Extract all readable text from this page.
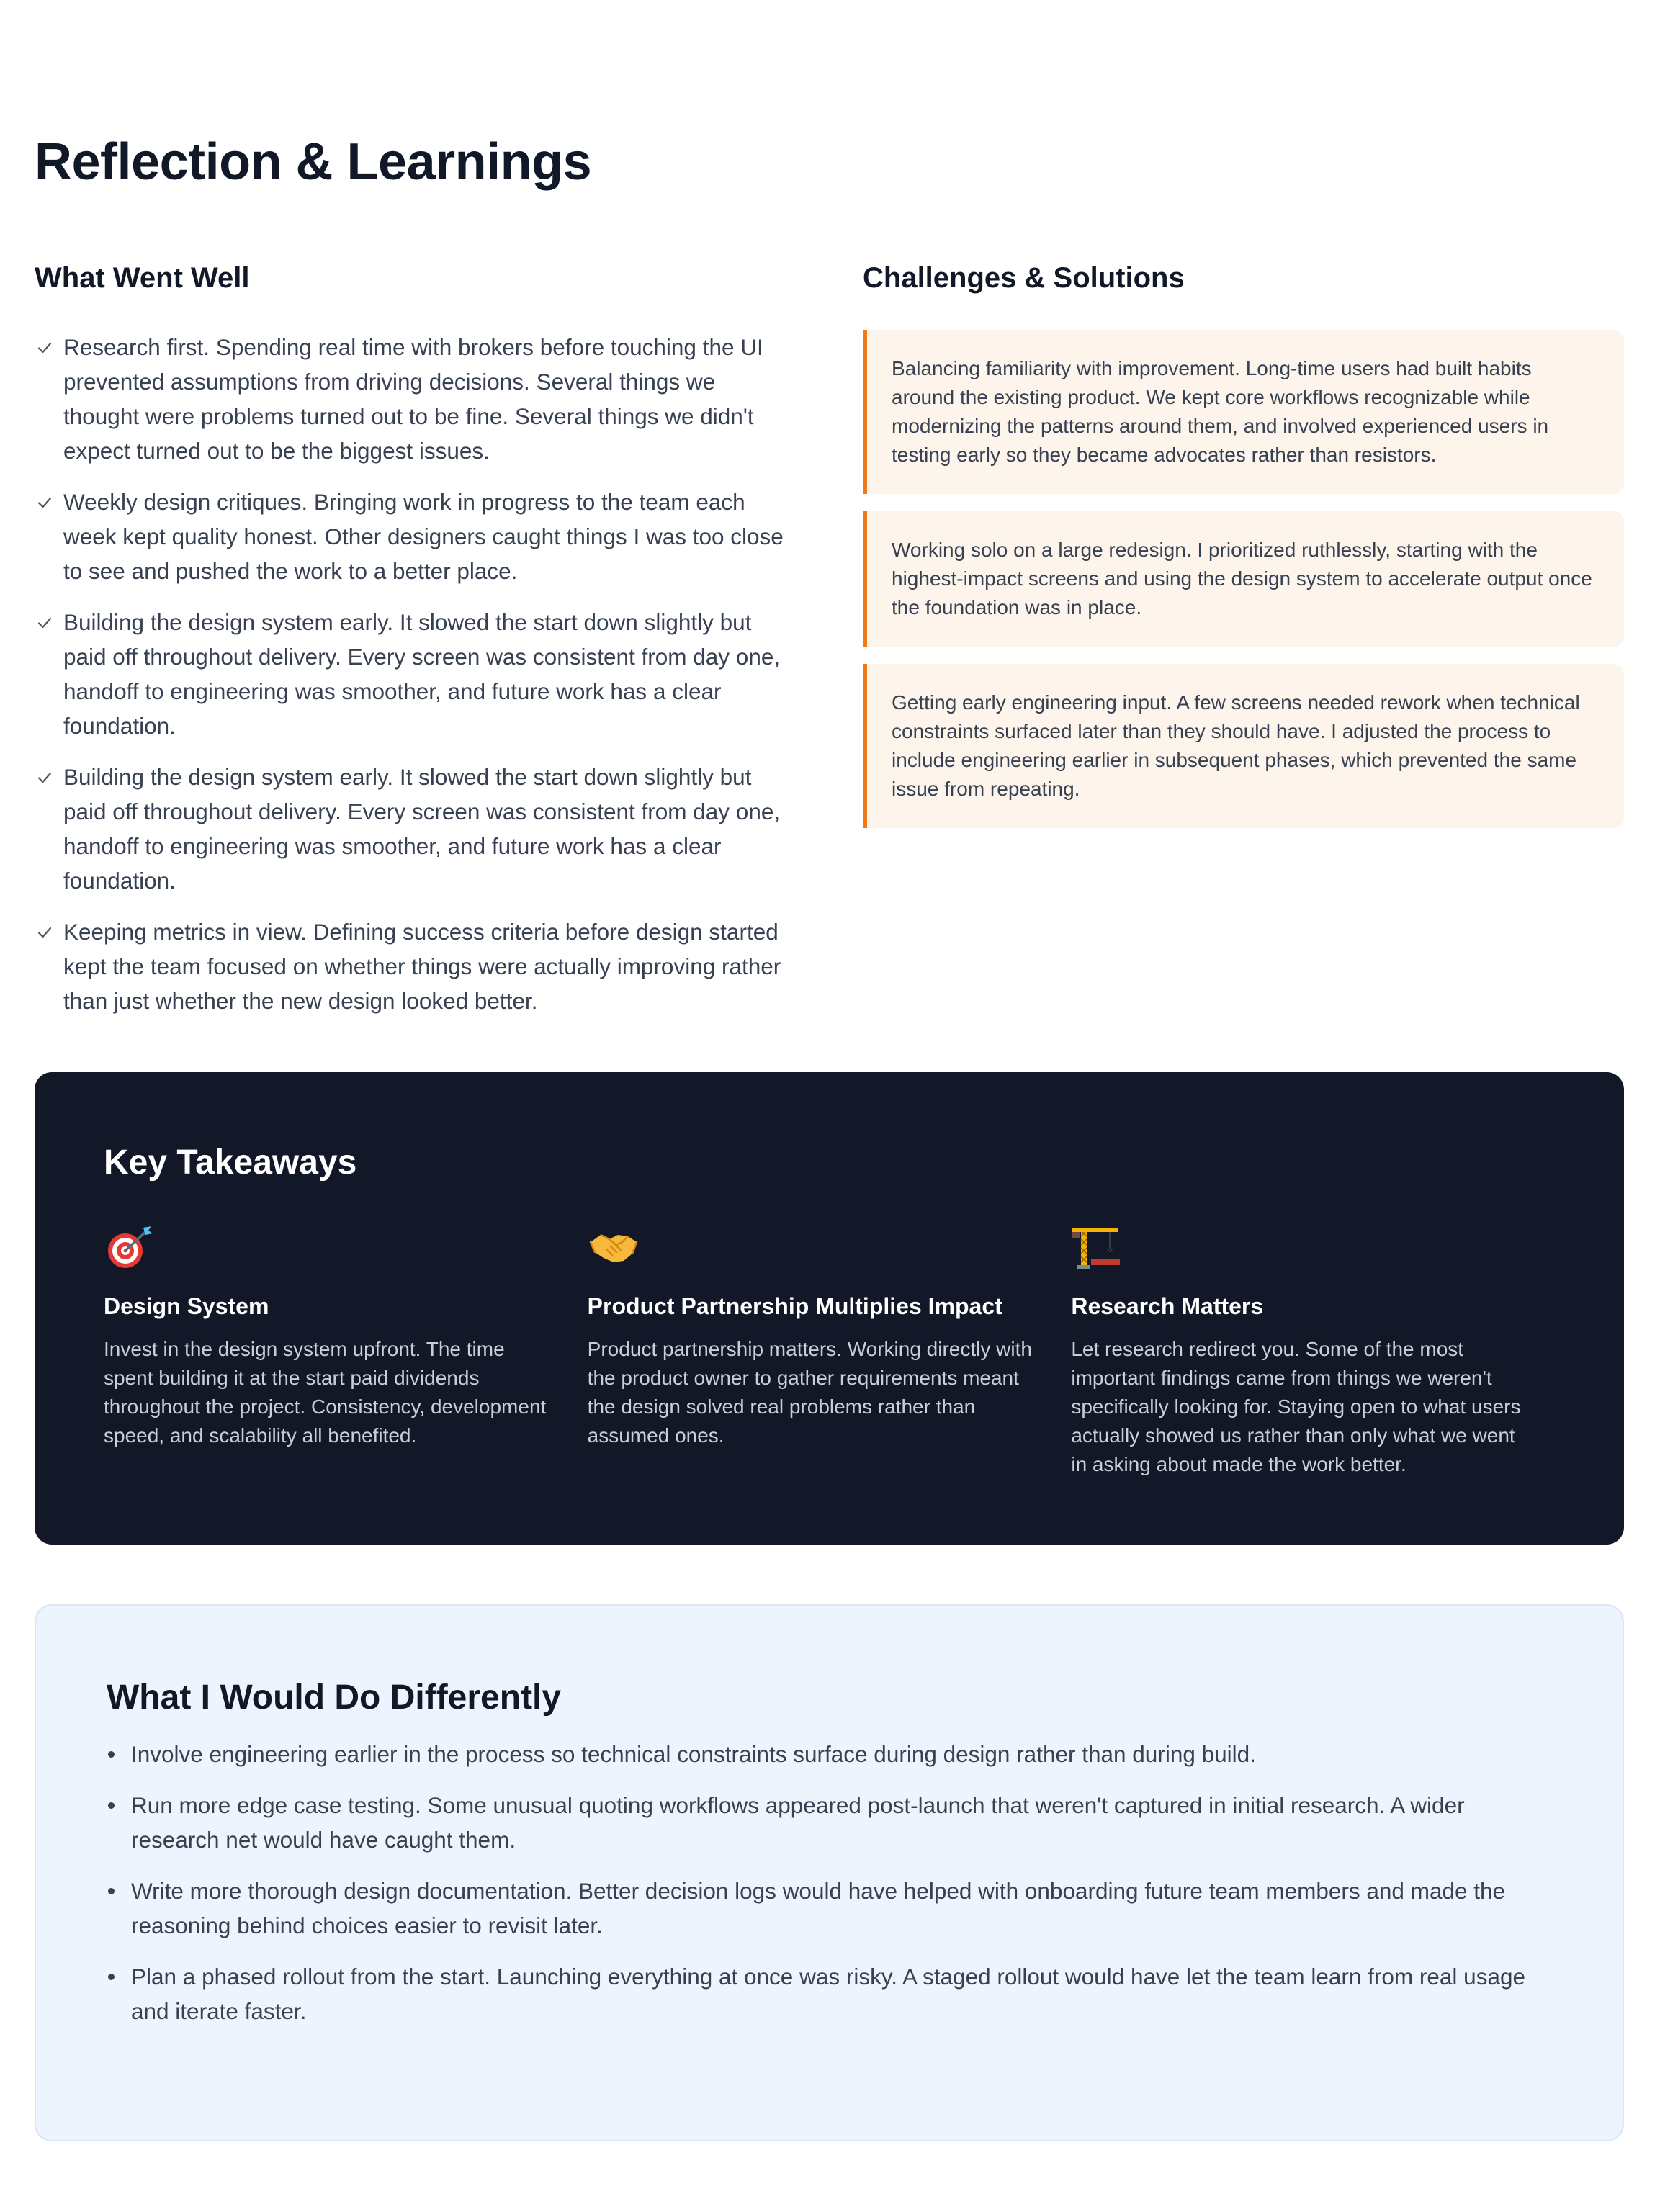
Reflection & Learnings
What Went Well
Research first. Spending real time with brokers before touching the UI prevented assumptions from driving decisions. Several things we thought were problems turned out to be fine. Several things we didn't expect turned out to be the biggest issues.
Weekly design critiques. Bringing work in progress to the team each week kept quality honest. Other designers caught things I was too close to see and pushed the work to a better place.
Building the design system early. It slowed the start down slightly but paid off throughout delivery. Every screen was consistent from day one, handoff to engineering was smoother, and future work has a clear foundation.
Building the design system early. It slowed the start down slightly but paid off throughout delivery. Every screen was consistent from day one, handoff to engineering was smoother, and future work has a clear foundation.
Keeping metrics in view. Defining success criteria before design started kept the team focused on whether things were actually improving rather than just whether the new design looked better.
Challenges & Solutions

Balancing familiarity with improvement. Long-time users had built habits around the existing product. We kept core workflows recognizable while modernizing the patterns around them, and involved experienced users in testing early so they became advocates rather than resistors.

Working solo on a large redesign. I prioritized ruthlessly, starting with the highest-impact screens and using the design system to accelerate output once the foundation was in place.

Getting early engineering input. A few screens needed rework when technical constraints surfaced later than they should have. I adjusted the process to include engineering earlier in subsequent phases, which prevented the same issue from repeating.

Key Takeaways
Design System

Invest in the design system upfront. The time spent building it at the start paid dividends throughout the project. Consistency, development speed, and scalability all benefited.

Product Partnership Multiplies Impact

Product partnership matters. Working directly with the product owner to gather requirements meant the design solved real problems rather than assumed ones.

Research Matters

Let research redirect you. Some of the most important findings came from things we weren't specifically looking for. Staying open to what users actually showed us rather than only what we went in asking about made the work better.

What I Would Do Differently
Involve engineering earlier in the process so technical constraints surface during design rather than during build.
Run more edge case testing. Some unusual quoting workflows appeared post-launch that weren't captured in initial research. A wider research net would have caught them.
Write more thorough design documentation. Better decision logs would have helped with onboarding future team members and made the reasoning behind choices easier to revisit later.
Plan a phased rollout from the start. Launching everything at once was risky. A staged rollout would have let the team learn from real usage and iterate faster.
